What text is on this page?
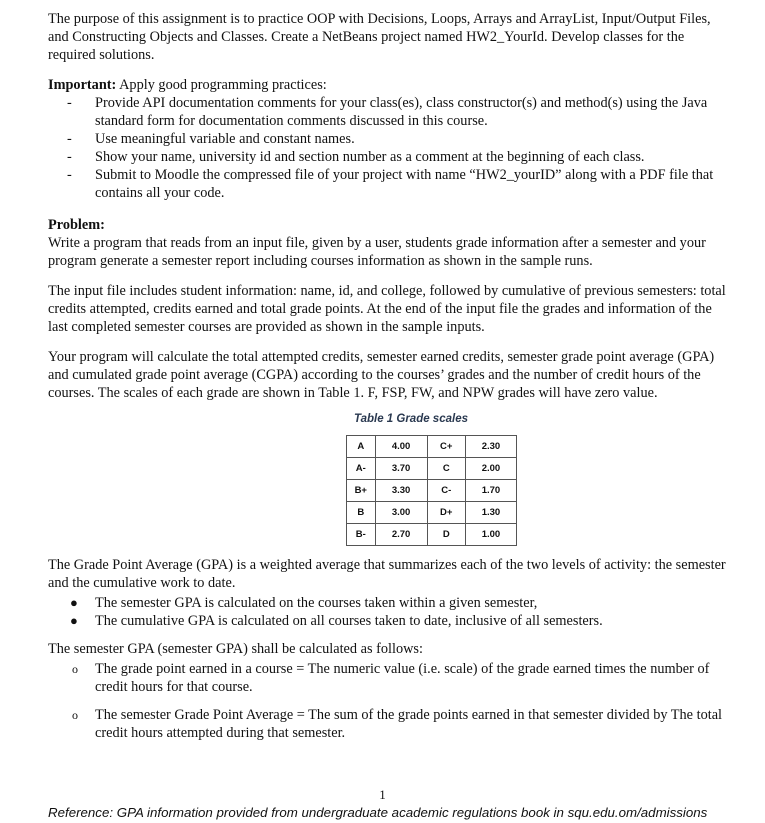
The purpose of this assignment is to practice OOP with Decisions, Loops, Arrays and ArrayList, Input/Output Files, and Constructing Objects and Classes. Create a NetBeans project named HW2_YourId. Develop classes for the required solutions.

Important: Apply good programming practices:

- Provide API documentation comments for your class(es), class constructor(s) and method(s) using the Java standard form for documentation comments discussed in this course.
- Use meaningful variable and constant names.
- Show your name, university id and section number as a comment at the beginning of each class.
- Submit to Moodle the compressed file of your project with name “HW2_yourID” along with a PDF file that contains all your code.

Problem:

Write a program that reads from an input file, given by a user, students grade information after a semester and your program generate a semester report including courses information as shown in the sample runs.

The input file includes student information: name, id, and college, followed by cumulative of previous semesters: total credits attempted, credits earned and total grade points. At the end of the input file the grades and information of the last completed semester courses are provided as shown in the sample inputs.

Your program will calculate the total attempted credits, semester earned credits, semester grade point average (GPA) and cumulated grade point average (CGPA) according to the courses’ grades and the number of credit hours of the courses. The scales of each grade are shown in Table 1. F, FSP, FW, and NPW grades will have zero value.

Table 1 Grade scales
A	4.00	C+	2.30
A-	3.70	C	2.00
B+	3.30	C-	1.70
B	3.00	D+	1.30
B-	2.70	D	1.00

The Grade Point Average (GPA) is a weighted average that summarizes each of the two levels of activity: the semester and the cumulative work to date.

● The semester GPA is calculated on the courses taken within a given semester,
● The cumulative GPA is calculated on all courses taken to date, inclusive of all semesters.

The semester GPA (semester GPA) shall be calculated as follows:

o The grade point earned in a course = The numeric value (i.e. scale) of the grade earned times the number of credit hours for that course.
o The semester Grade Point Average = The sum of the grade points earned in that semester divided by The total credit hours attempted during that semester.
1
Reference: GPA information provided from undergraduate academic regulations book in squ.edu.om/admissions
